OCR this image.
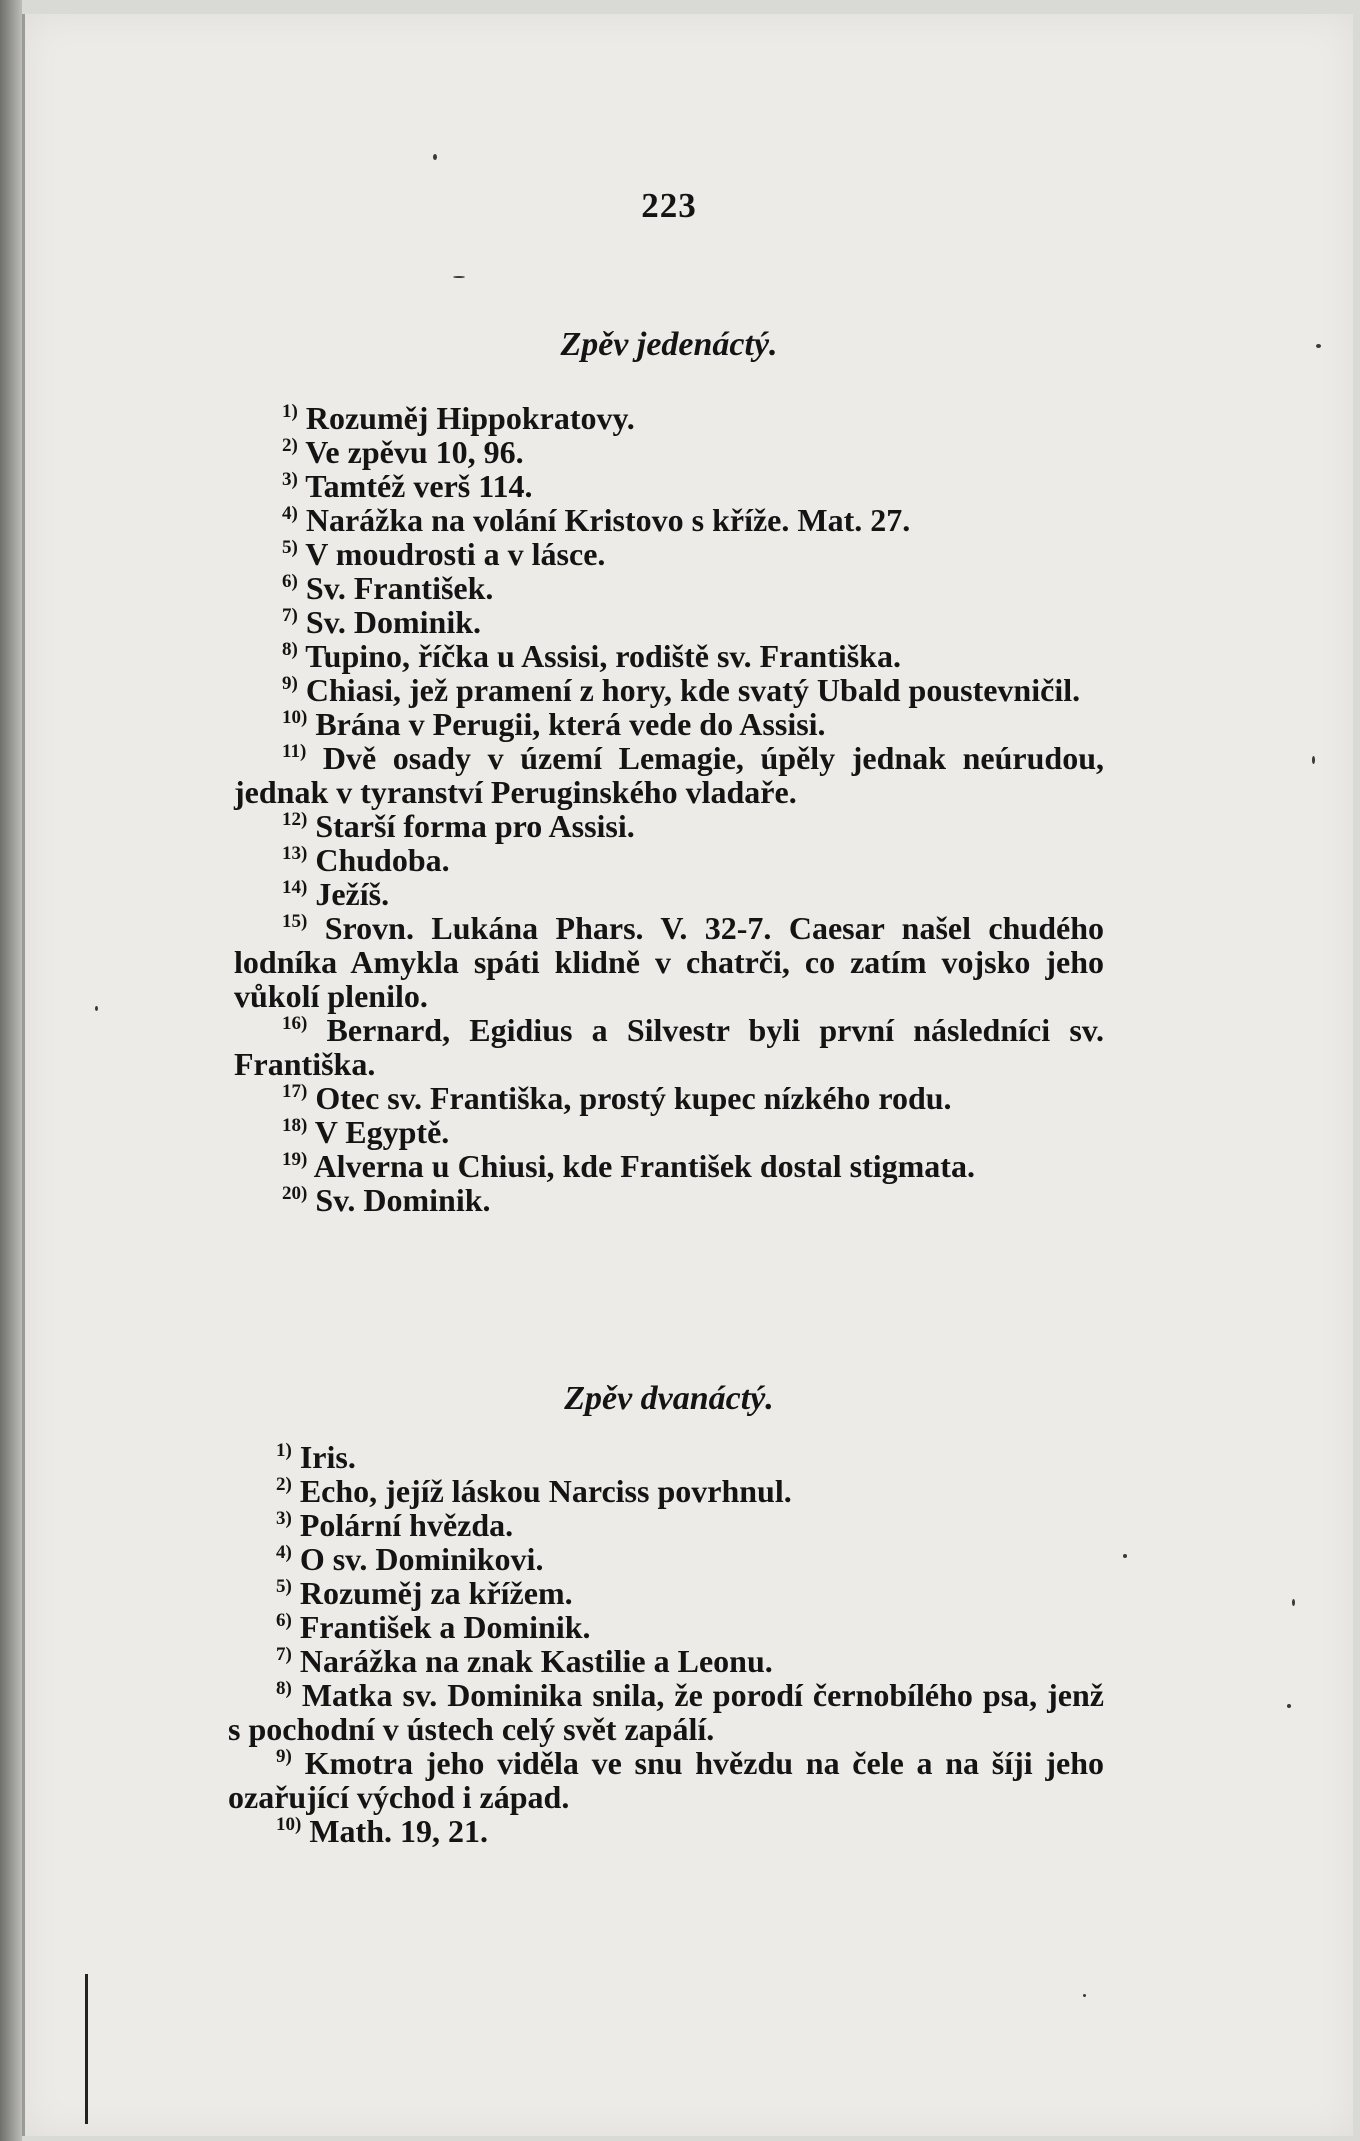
223
Zpěv jedenáctý.

$^{1)}$ Rozuměj Hippokratovy.

$^{2)}$ Ve zpěvu 10, 96.

$^{3)}$ Tamtéž verš 114.

$^{4)}$ Narážka na volání Kristovo s kříže. Mat. 27.

$^{5)}$ V moudrosti a v lásce.

$^{6)}$ Sv. František.

$^{7)}$ Sv. Dominik.

$^{8)}$ Tupino, říčka u Assisi, rodiště sv. Františka.

$^{9)}$ Chiasi, jež pramení z hory, kde svatý Ubald poustevničil.

$^{10)}$ Brána v Perugii, která vede do Assisi.

$^{11)}$ Dvě osady v území Lemagie, úpěly jednak neúrudou, jednak v tyranství Peruginského vladaře.

$^{12)}$ Starší forma pro Assisi.

$^{13)}$ Chudoba.

$^{14)}$ Ježíš.

$^{15)}$ Srovn. Lukána Phars. V. 32-7. Caesar našel chudého lodníka Amykla spáti klidně v chatrči, co zatím vojsko jeho vůkolí plenilo.

$^{16)}$ Bernard, Egidius a Silvestr byli první následníci sv. Františka.

$^{17)}$ Otec sv. Františka, prostý kupec nízkého rodu.

$^{18)}$ V Egyptě.

$^{19)}$ Alverna u Chiusi, kde František dostal stigmata.

$^{20)}$ Sv. Dominik.

Zpěv dvanáctý.

$^{1)}$ Iris.

$^{2)}$ Echo, jejíž láskou Narciss povrhnul.

$^{3)}$ Polární hvězda.

$^{4)}$ O sv. Dominikovi.

$^{5)}$ Rozuměj za křížem.

$^{6)}$ František a Dominik.

$^{7)}$ Narážka na znak Kastilie a Leonu.

$^{8)}$ Matka sv. Dominika snila, že porodí černobílého psa, jenž s pochodní v ústech celý svět zapálí.

$^{9)}$ Kmotra jeho viděla ve snu hvězdu na čele a na šíji jeho ozařující východ i západ.

$^{10)}$ Math. 19, 21.
